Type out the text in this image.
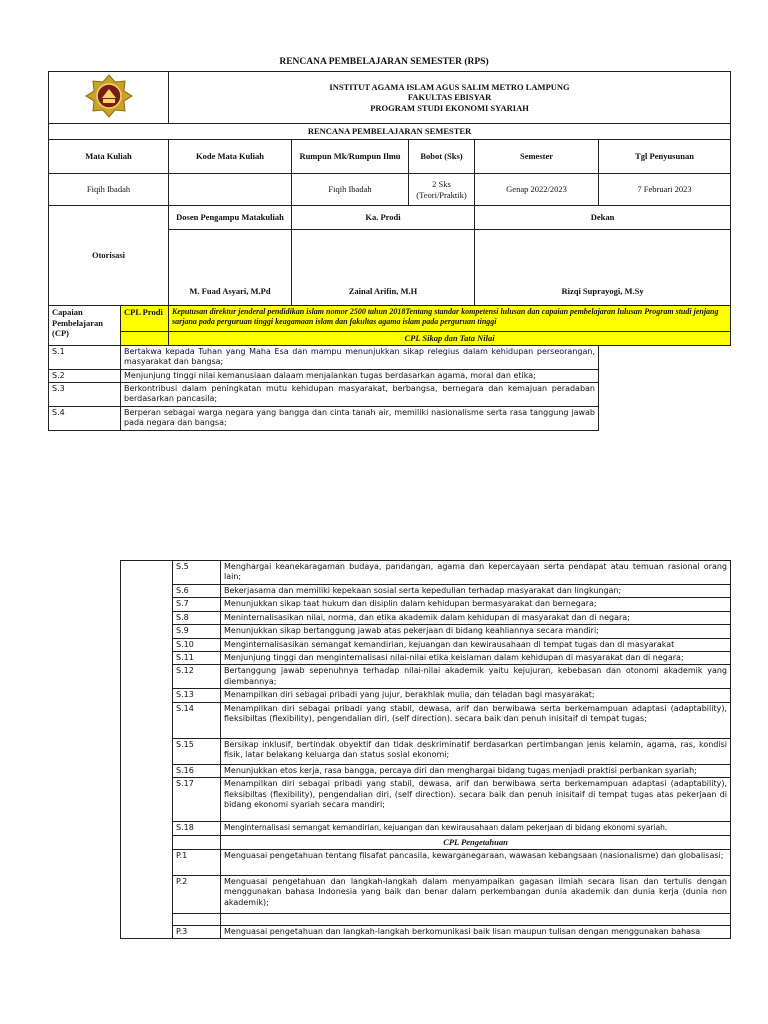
RENCANA PEMBELAJARAN SEMESTER (RPS)

INSTITUT AGAMA ISLAM AGUS SALIM METRO LAMPUNG
FAKULTAS EBISYAR
PROGRAM STUDI EKONOMI SYARIAH				

RENCANA PEMBELAJARAN SEMESTER						
Mata Kuliah		Kode Mata Kuliah	Rumpun Mk/Rumpun Ilmu	Bobot (Sks)	Semester	Tgl Penyusunan
Fiqih Ibadah			Fiqih Ibadah	2 Sks (Teori/Praktik)	Genap 2022/2023	7 Februari 2023
Otorisasi		Dosen Pengampu Matakuliah	Ka. Prodi		Dekan	
		M. Fuad Asyari, M.Pd	Zainal Arifin, M.H		Rizqi Suprayogi, M.Sy	
Capaian Pembelajaran (CP)	CPL Prodi	Keputusan direktur jenderal pendidikan islam nomor 2500 tahun 2018Tentang standar kompetensi lulusan dan capaian pembelajaran lulusan Program studi jenjang sarjana pada perguruan tinggi keagamaan islam dan fakultas agama islam pada perguruan tinggi				
		CPL Sikap dan Tata Nilai				
S.1	Bertakwa kepada Tuhan yang Maha Esa dan mampu menunjukkan sikap relegius dalam kehidupan perseorangan, masyarakat dan bangsa;					
S.2	Menjunjung tinggi nilai kemanusiaan dalaam menjalankan tugas berdasarkan agama, moral dan etika;					
S.3	Berkontribusi dalam peningkatan mutu kehidupan masyarakat, berbangsa, bernegara dan kemajuan peradaban berdasarkan pancasila;					
S.4	Berperan sebagai warga negara yang bangga dan cinta tanah air, memiliki nasionalisme serta rasa tanggung jawab pada negara dan bangsa;					
	S.5	Menghargai keanekaragaman budaya, pandangan, agama dan kepercayaan serta pendapat atau temuan rasional orang lain;
	S.6	Bekerjasama dan memiliki kepekaan sosial serta kepedulian terhadap masyarakat dan lingkungan;
	S.7	Menunjukkan sikap taat hukum dan disiplin dalam kehidupan bermasyarakat dan bernegara;
	S.8	Meninternalisasikan nilai, norma, dan etika akademik dalam kehidupan di masyarakat dan di negara;
	S.9	Menunjukkan sikap bertanggung jawab atas pekerjaan di bidang keahliannya secara mandiri;
	S.10	Menginternalisasikan semangat kemandirian, kejuangan dan kewirausahaan di tempat tugas dan di masyarakat
	S.11	Menjunjung tinggi dan menginternalisasi nilai-nilai etika keislaman dalam kehidupan di masyarakat dan di negara;
	S.12	Bertanggung jawab sepenuhnya terhadap nilai-nilai akademik yaitu kejujuran, kebebasan dan otonomi akademik yang diembannya;
	S.13	Menampilkan diri sebagai pribadi yang jujur, berakhlak mulia, dan teladan bagi masyarakat;
	S.14	Menampilkan diri sebagai pribadi yang stabil, dewasa, arif dan berwibawa serta berkemampuan adaptasi (adaptability), fleksibiltas (flexibility), pengendalian diri, (self direction). secara baik dan penuh inisitaif di tempat tugas;
	S.15	Bersikap inklusif, bertindak obyektif dan tidak deskriminatif berdasarkan pertimbangan jenis kelamin, agama, ras, kondisi fisik, latar belakang keluarga dan status sosial ekonomi;
	S.16	Menunjukkan etos kerja, rasa bangga, percaya diri dan menghargai bidang tugas menjadi praktisi perbankan syariah;
	S.17	Menampilkan diri sebagai pribadi yang stabil, dewasa, arif dan berwibawa serta berkemampuan adaptasi (adaptability), fleksibiltas (flexibility), pengendalian diri, (self direction). secara baik dan penuh inisitaif di tempat tugas atas pekerjaan di bidang ekonomi syariah secara mandiri;
	S.18	Menginternalisasi semangat kemandirian, kejuangan dan kewirausahaan dalam pekerjaan di bidang ekonomi syariah.
		CPL Pengetahuan
	P.1	Menguasai pengetahuan tentang filsafat pancasila, kewarganegaraan, wawasan kebangsaan (nasionalisme) dan globalisasi;
	P.2	Menguasai pengetahuan dan langkah-langkah dalam menyampaikan gagasan ilmiah secara lisan dan tertulis dengan menggunakan bahasa Indonesia yang baik dan benar dalam perkembangan dunia akademik dan dunia kerja (dunia non akademik);

	P.3	Menguasai pengetahuan dan langkah-langkah berkomunikasi baik lisan maupun tulisan dengan menggunakan bahasa
